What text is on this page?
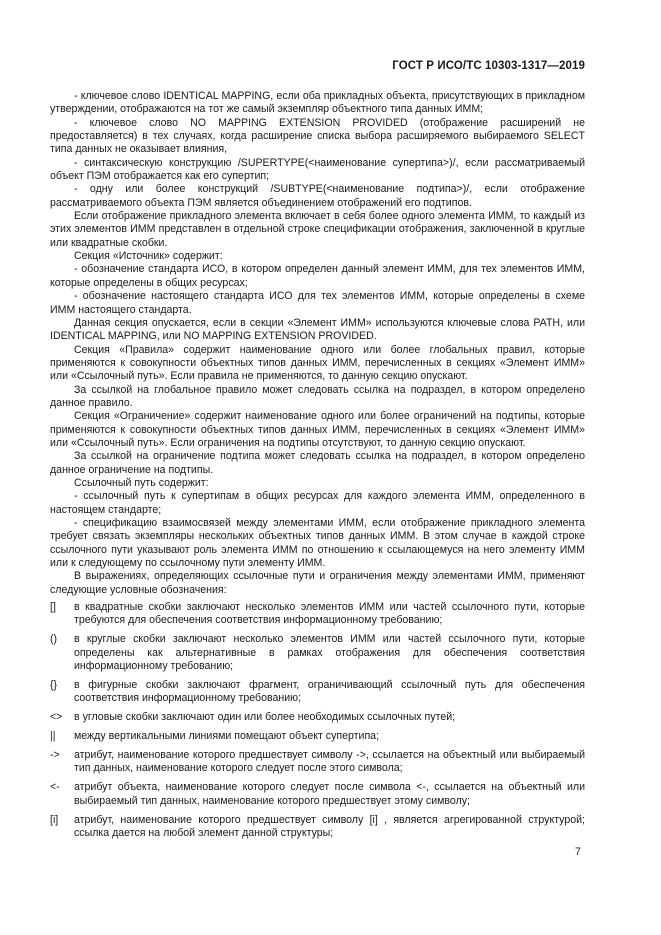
ГОСТ Р ИСО/ТС 10303-1317—2019

- ключевое слово IDENTICAL MAPPING, если оба прикладных объекта, присутствующих в прикладном утверждении, отображаются на тот же самый экземпляр объектного типа данных ИММ;

- ключевое слово NO MAPPING EXTENSION PROVIDED (отображение расширений не предоставляется) в тех случаях, когда расширение списка выбора расширяемого выбираемого SELECT типа данных не оказывает влияния,

- синтаксическую конструкцию /SUPERTYPE(<наименование супертипа>)/, если рассматриваемый объект ПЭМ отображается как его супертип;

- одну или более конструкций /SUBTYPE(<наименование подтипа>)/, если отображение рассматриваемого объекта ПЭМ является объединением отображений его подтипов.

Если отображение прикладного элемента включает в себя более одного элемента ИММ, то каждый из этих элементов ИММ представлен в отдельной строке спецификации отображения, заключенной в круглые или квадратные скобки.

Секция «Источник» содержит:

- обозначение стандарта ИСО, в котором определен данный элемент ИММ, для тех элементов ИММ, которые определены в общих ресурсах;

- обозначение настоящего стандарта ИСО для тех элементов ИММ, которые определены в схеме ИММ настоящего стандарта.

Данная секция опускается, если в секции «Элемент ИММ» используются ключевые слова PATH, или IDENTICAL MAPPING, или NO MAPPING EXTENSION PROVIDED.

Секция «Правила» содержит наименование одного или более глобальных правил, которые применяются к совокупности объектных типов данных ИММ, перечисленных в секциях «Элемент ИММ» или «Ссылочный путь». Если правила не применяются, то данную секцию опускают.

За ссылкой на глобальное правило может следовать ссылка на подраздел, в котором определено данное правило.

Секция «Ограничение» содержит наименование одного или более ограничений на подтипы, которые применяются к совокупности объектных типов данных ИММ, перечисленных в секциях «Элемент ИММ» или «Ссылочный путь». Если ограничения на подтипы отсутствуют, то данную секцию опускают.

За ссылкой на ограничение подтипа может следовать ссылка на подраздел, в котором определено данное ограничение на подтипы.

Ссылочный путь содержит:

- ссылочный путь к супертипам в общих ресурсах для каждого элемента ИММ, определенного в настоящем стандарте;

- спецификацию взаимосвязей между элементами ИММ, если отображение прикладного элемента требует связать экземпляры нескольких объектных типов данных ИММ. В этом случае в каждой строке ссылочного пути указывают роль элемента ИММ по отношению к ссылающемуся на него элементу ИММ или к следующему по ссылочному пути элементу ИММ.

В выражениях, определяющих ссылочные пути и ограничения между элементами ИММ, применяют следующие условные обозначения:

[]	в квадратные скобки заключают несколько элементов ИММ или частей ссылочного пути, которые требуются для обеспечения соответствия информационному требованию;
()	в круглые скобки заключают несколько элементов ИММ или частей ссылочного пути, которые определены как альтернативные в рамках отображения для обеспечения соответствия информационному требованию;
{}	в фигурные скобки заключают фрагмент, ограничивающий ссылочный путь для обеспечения соответствия информационному требованию;
<>	в угловые скобки заключают один или более необходимых ссылочных путей;
||	между вертикальными линиями помещают объект супертипа;
->	атрибут, наименование которого предшествует символу ->, ссылается на объектный или выбираемый тип данных, наименование которого следует после этого символа;
<-	атрибут объекта, наименование которого следует после символа <-, ссылается на объектный или выбираемый тип данных, наименование которого предшествует этому символу;
[i]	атрибут, наименование которого предшествует символу [i] , является агрегированной структурой; ссылка дается на любой элемент данной структуры;
7
